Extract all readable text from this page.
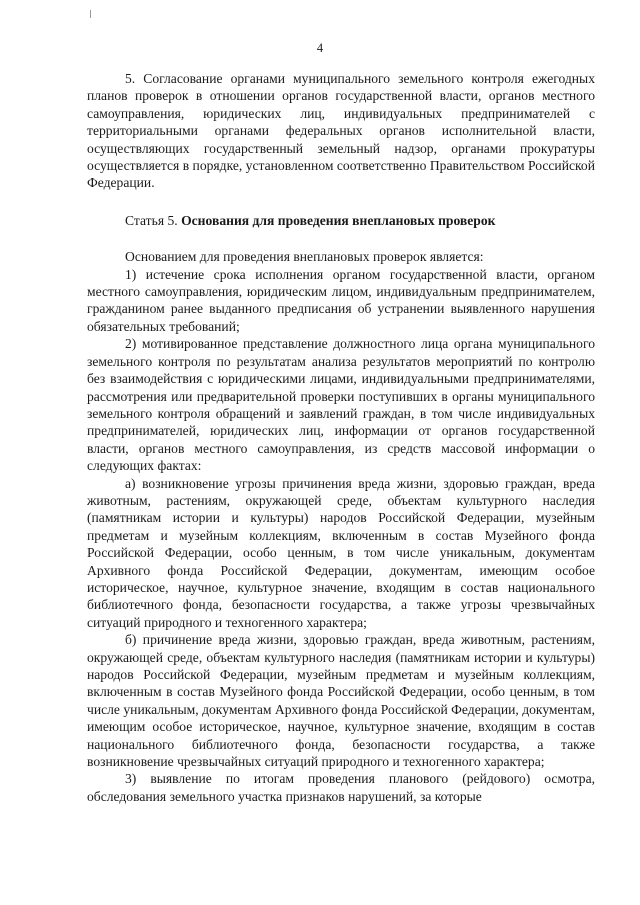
4

5. Согласование органами муниципального земельного контроля ежегодных планов проверок в отношении органов государственной власти, органов местного самоуправления, юридических лиц, индивидуальных предпринимателей с территориальными органами федеральных органов исполнительной власти, осуществляющих государственный земельный надзор, органами прокуратуры осуществляется в порядке, установленном соответственно Правительством Российской Федерации.

Статья 5. Основания для проведения внеплановых проверок

Основанием для проведения внеплановых проверок является:

1) истечение срока исполнения органом государственной власти, органом местного самоуправления, юридическим лицом, индивидуальным предпринимателем, гражданином ранее выданного предписания об устранении выявленного нарушения обязательных требований;

2) мотивированное представление должностного лица органа муниципального земельного контроля по результатам анализа результатов мероприятий по контролю без взаимодействия с юридическими лицами, индивидуальными предпринимателями, рассмотрения или предварительной проверки поступивших в органы муниципального земельного контроля обращений и заявлений граждан, в том числе индивидуальных предпринимателей, юридических лиц, информации от органов государственной власти, органов местного самоуправления, из средств массовой информации о следующих фактах:

а) возникновение угрозы причинения вреда жизни, здоровью граждан, вреда животным, растениям, окружающей среде, объектам культурного наследия (памятникам истории и культуры) народов Российской Федерации, музейным предметам и музейным коллекциям, включенным в состав Музейного фонда Российской Федерации, особо ценным, в том числе уникальным, документам Архивного фонда Российской Федерации, документам, имеющим особое историческое, научное, культурное значение, входящим в состав национального библиотечного фонда, безопасности государства, а также угрозы чрезвычайных ситуаций природного и техногенного характера;

б) причинение вреда жизни, здоровью граждан, вреда животным, растениям, окружающей среде, объектам культурного наследия (памятникам истории и культуры) народов Российской Федерации, музейным предметам и музейным коллекциям, включенным в состав Музейного фонда Российской Федерации, особо ценным, в том числе уникальным, документам Архивного фонда Российской Федерации, документам, имеющим особое историческое, научное, культурное значение, входящим в состав национального библиотечного фонда, безопасности государства, а также возникновение чрезвычайных ситуаций природного и техногенного характера;

3) выявление по итогам проведения планового (рейдового) осмотра, обследования земельного участка признаков нарушений, за которые
